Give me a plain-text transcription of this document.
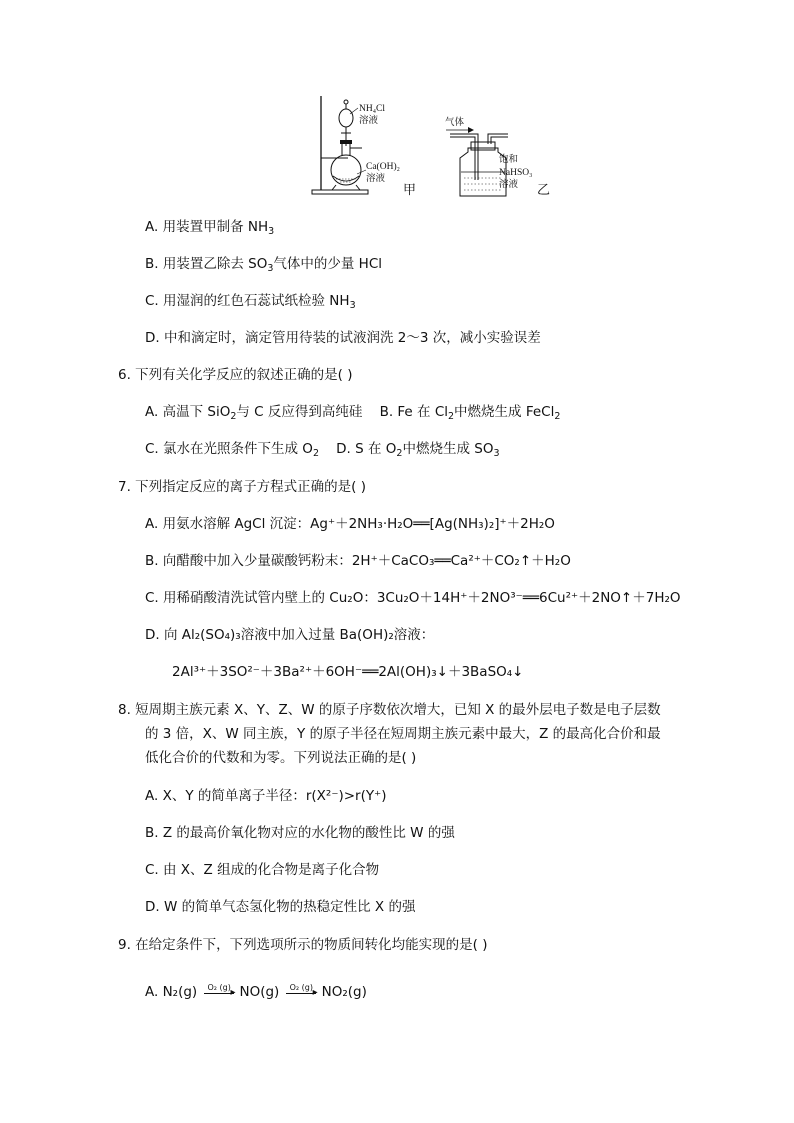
NH₄Cl
溶液
Ca(OH)₂
溶液
甲
气体
饱和
NaHSO₃
溶液 乙
A. 用装置甲制备 $NH_3$
B. 用装置乙除去 $SO_3$气体中的少量 HCl
C. 用湿润的红色石蕊试纸检验 $NH_3$
D. 中和滴定时，滴定管用待装的试液润洗 2～3 次，减小实验误差
6. 下列有关化学反应的叙述正确的是( )
A. 高温下 SiO$_2$与 C 反应得到高纯硅 B. Fe 在 $Cl_2$中燃烧生成 FeCl$_2$
C. 氯水在光照条件下生成 $O_2$ D. S 在 $O_2$中燃烧生成 $SO_3$
7. 下列指定反应的离子方程式正确的是( )
A. 用氨水溶解 AgCl 沉淀：Ag⁺＋2NH₃·H₂O══[Ag(NH₃)₂]⁺＋2H₂O
B. 向醋酸中加入少量碳酸钙粉末：2H⁺＋CaCO₃══Ca²⁺＋CO₂↑＋H₂O
C. 用稀硝酸清洗试管内壁上的 Cu₂O：3Cu₂O＋14H⁺＋2NO³⁻══6Cu²⁺＋2NO↑＋7H₂O
D. 向 Al₂(SO₄)₃溶液中加入过量 Ba(OH)₂溶液：
2Al³⁺＋3SO²⁻＋3Ba²⁺＋6OH⁻══2Al(OH)₃↓＋3BaSO₄↓
8. 短周期主族元素 X、Y、Z、W 的原子序数依次增大，已知 X 的最外层电子数是电子层数
的 3 倍，X、W 同主族，Y 的原子半径在短周期主族元素中最大，Z 的最高化合价和最
低化合价的代数和为零。下列说法正确的是( )
A. X、Y 的简单离子半径：r(X²⁻)>r(Y⁺)
B. Z 的最高价氧化物对应的水化物的酸性比 W 的强
C. 由 X、Z 组成的化合物是离子化合物
D. W 的简单气态氢化物的热稳定性比 X 的强
9. 在给定条件下，下列选项所示的物质间转化均能实现的是( )
A. N₂(g) O₂ (g) ▸ NO(g) O₂ (g) ▸ NO₂(g)
